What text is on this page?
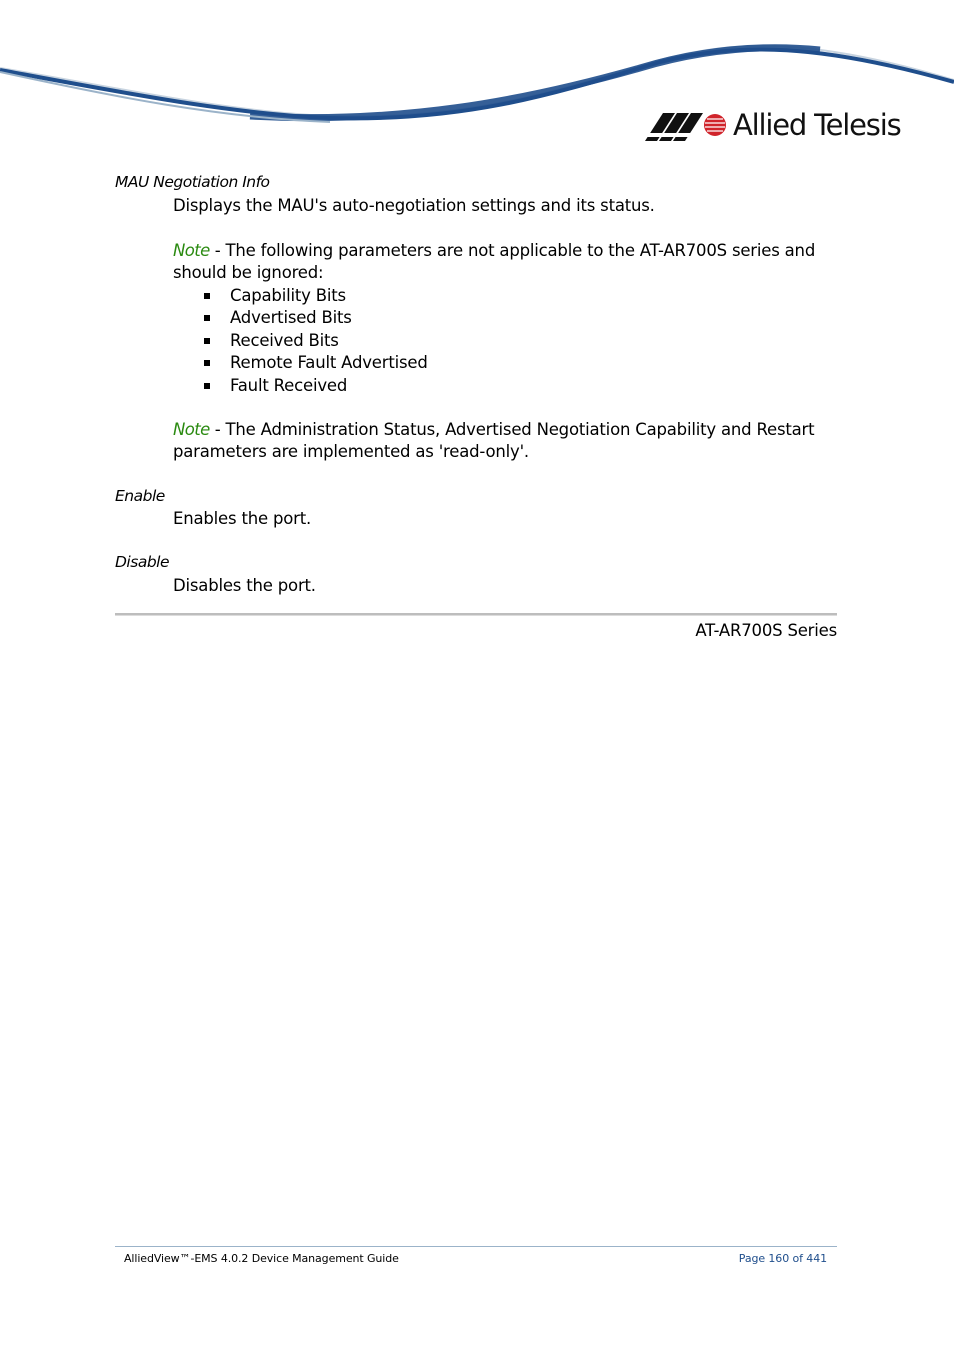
Allied Telesis
MAU Negotiation Info
Displays the MAU's auto-negotiation settings and its status.
Note - The following parameters are not applicable to the AT-AR700S series and
should be ignored:
Capability Bits
Advertised Bits
Received Bits
Remote Fault Advertised
Fault Received
Note - The Administration Status, Advertised Negotiation Capability and Restart
parameters are implemented as 'read-only'.
Enable
Enables the port.
Disable
Disables the port.
AT-AR700S Series
AlliedView™-EMS 4.0.2 Device Management Guide	Page 160 of 441
